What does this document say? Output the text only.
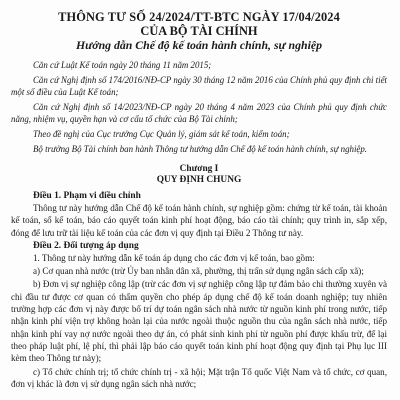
THÔNG TƯ SỐ 24/2024/TT-BTC NGÀY 17/04/2024
CỦA BỘ TÀI CHÍNH
Hướng dẫn Chế độ kế toán hành chính, sự nghiệp

Căn cứ Luật Kế toán ngày 20 tháng 11 năm 2015;

Căn cứ Nghị định số 174/2016/NĐ-CP ngày 30 tháng 12 năm 2016 của Chính phủ quy định chi tiết một số điều của Luật Kế toán;

Căn cứ Nghị định số 14/2023/NĐ-CP ngày 20 tháng 4 năm 2023 của Chính phủ quy định chức năng, nhiệm vụ, quyền hạn và cơ cấu tổ chức của Bộ Tài chính;

Theo đề nghị của Cục trưởng Cục Quản lý, giám sát kế toán, kiểm toán;

Bộ trưởng Bộ Tài chính ban hành Thông tư hướng dẫn Chế độ kế toán hành chính, sự nghiệp.

Chương I
QUY ĐỊNH CHUNG

Điều 1. Phạm vi điều chỉnh

Thông tư này hướng dẫn Chế độ kế toán hành chính, sự nghiệp gồm: chứng từ kế toán, tài khoản kế toán, sổ kế toán, báo cáo quyết toán kinh phí hoạt động, báo cáo tài chính; quy trình in, sắp xếp, đóng để lưu trữ tài liệu kế toán của các đơn vị quy định tại Điều 2 Thông tư này.

Điều 2. Đối tượng áp dụng

1. Thông tư này hướng dẫn kế toán áp dụng cho các đơn vị kế toán, bao gồm:

a) Cơ quan nhà nước (trừ Ủy ban nhân dân xã, phường, thị trấn sử dụng ngân sách cấp xã);

b) Đơn vị sự nghiệp công lập (trừ các đơn vị sự nghiệp công lập tự đảm bảo chi thường xuyên và chi đầu tư được cơ quan có thẩm quyền cho phép áp dụng chế độ kế toán doanh nghiệp; tuy nhiên trường hợp các đơn vị này được bố trí dự toán ngân sách nhà nước từ nguồn kinh phí trong nước, tiếp nhận kinh phí viện trợ không hoàn lại của nước ngoài thuộc nguồn thu của ngân sách nhà nước, tiếp nhận kinh phí vay nợ nước ngoài theo dự án, có phát sinh kinh phí từ nguồn phí được khấu trừ, để lại theo pháp luật phí, lệ phí, thì phải lập báo cáo quyết toán kinh phí hoạt động quy định tại Phụ lục III kèm theo Thông tư này);

c) Tổ chức chính trị; tổ chức chính trị - xã hội; Mặt trận Tổ quốc Việt Nam và tổ chức, cơ quan, đơn vị khác là đơn vị sử dụng ngân sách nhà nước;
